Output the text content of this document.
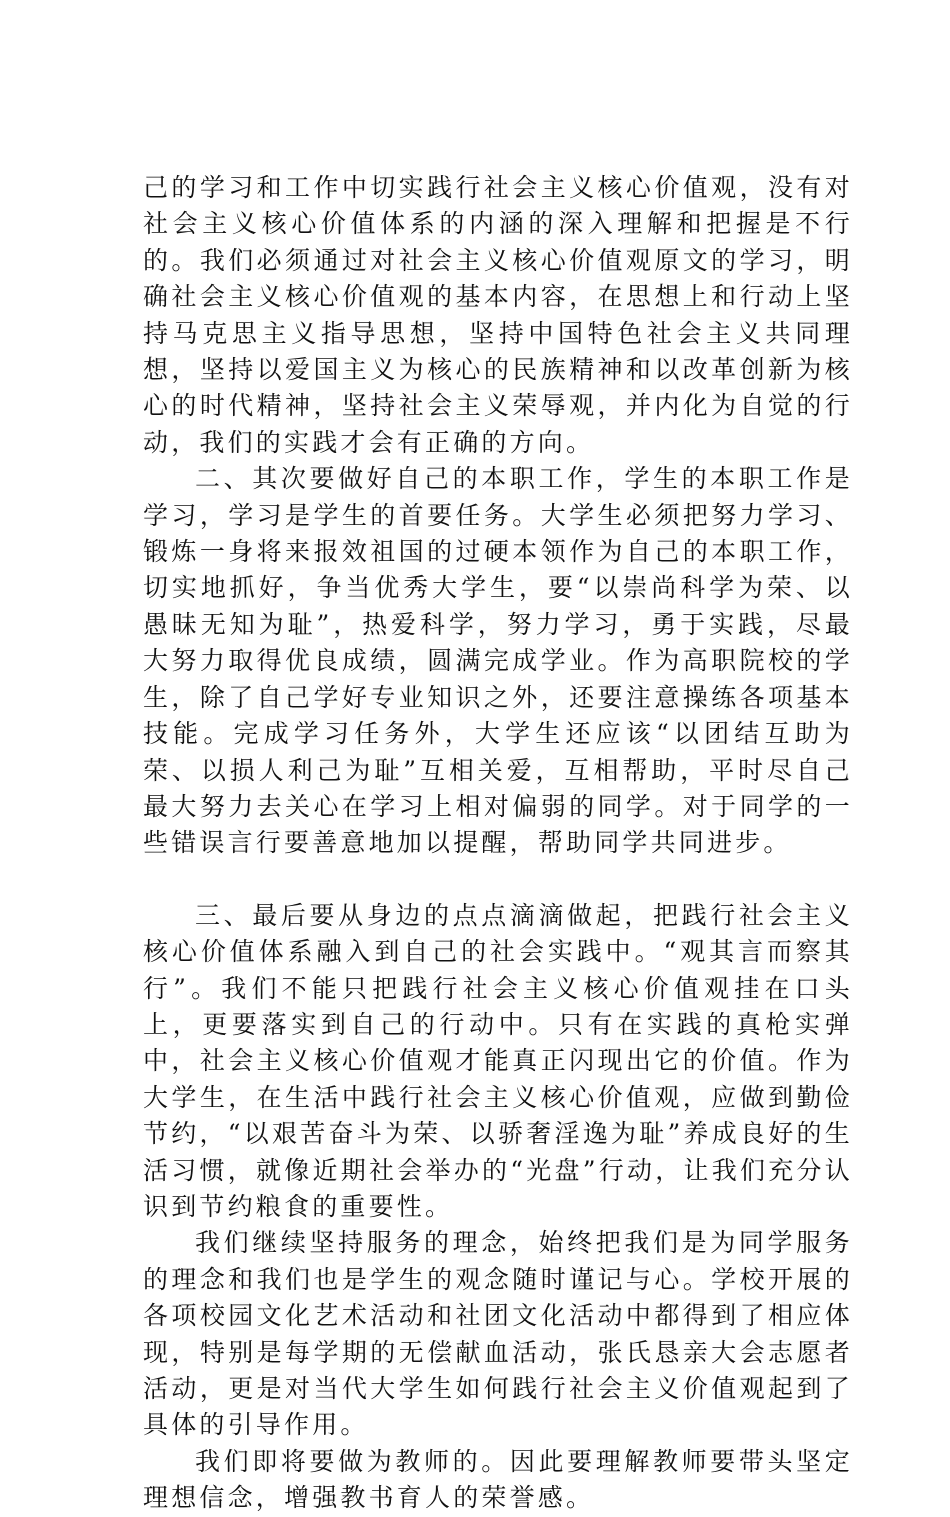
己的学习和工作中切实践行社会主义核心价值观，没有对社会主义核心价值体系的内涵的深入理解和把握是不行的。我们必须通过对社会主义核心价值观原文的学习，明确社会主义核心价值观的基本内容，在思想上和行动上坚持马克思主义指导思想，坚持中国特色社会主义共同理想，坚持以爱国主义为核心的民族精神和以改革创新为核心的时代精神，坚持社会主义荣辱观，并内化为自觉的行动，我们的实践才会有正确的方向。

二、其次要做好自己的本职工作，学生的本职工作是学习，学习是学生的首要任务。大学生必须把努力学习、锻炼一身将来报效祖国的过硬本领作为自己的本职工作，切实地抓好，争当优秀大学生，要“以崇尚科学为荣、以愚昧无知为耻”，热爱科学，努力学习，勇于实践，尽最大努力取得优良成绩，圆满完成学业。作为高职院校的学生，除了自己学好专业知识之外，还要注意操练各项基本技能。完成学习任务外，大学生还应该“以团结互助为荣、以损人利己为耻”互相关爱，互相帮助，平时尽自己最大努力去关心在学习上相对偏弱的同学。对于同学的一些错误言行要善意地加以提醒，帮助同学共同进步。

三、最后要从身边的点点滴滴做起，把践行社会主义核心价值体系融入到自己的社会实践中。“观其言而察其行”。我们不能只把践行社会主义核心价值观挂在口头上，更要落实到自己的行动中。只有在实践的真枪实弹中，社会主义核心价值观才能真正闪现出它的价值。作为大学生，在生活中践行社会主义核心价值观，应做到勤俭节约，“以艰苦奋斗为荣、以骄奢淫逸为耻”养成良好的生活习惯，就像近期社会举办的“光盘”行动，让我们充分认识到节约粮食的重要性。

我们继续坚持服务的理念，始终把我们是为同学服务的理念和我们也是学生的观念随时谨记与心。学校开展的各项校园文化艺术活动和社团文化活动中都得到了相应体现，特别是每学期的无偿献血活动，张氏恳亲大会志愿者活动，更是对当代大学生如何践行社会主义价值观起到了具体的引导作用。

我们即将要做为教师的。因此要理解教师要带头坚定理想信念，增强教书育人的荣誉感。
